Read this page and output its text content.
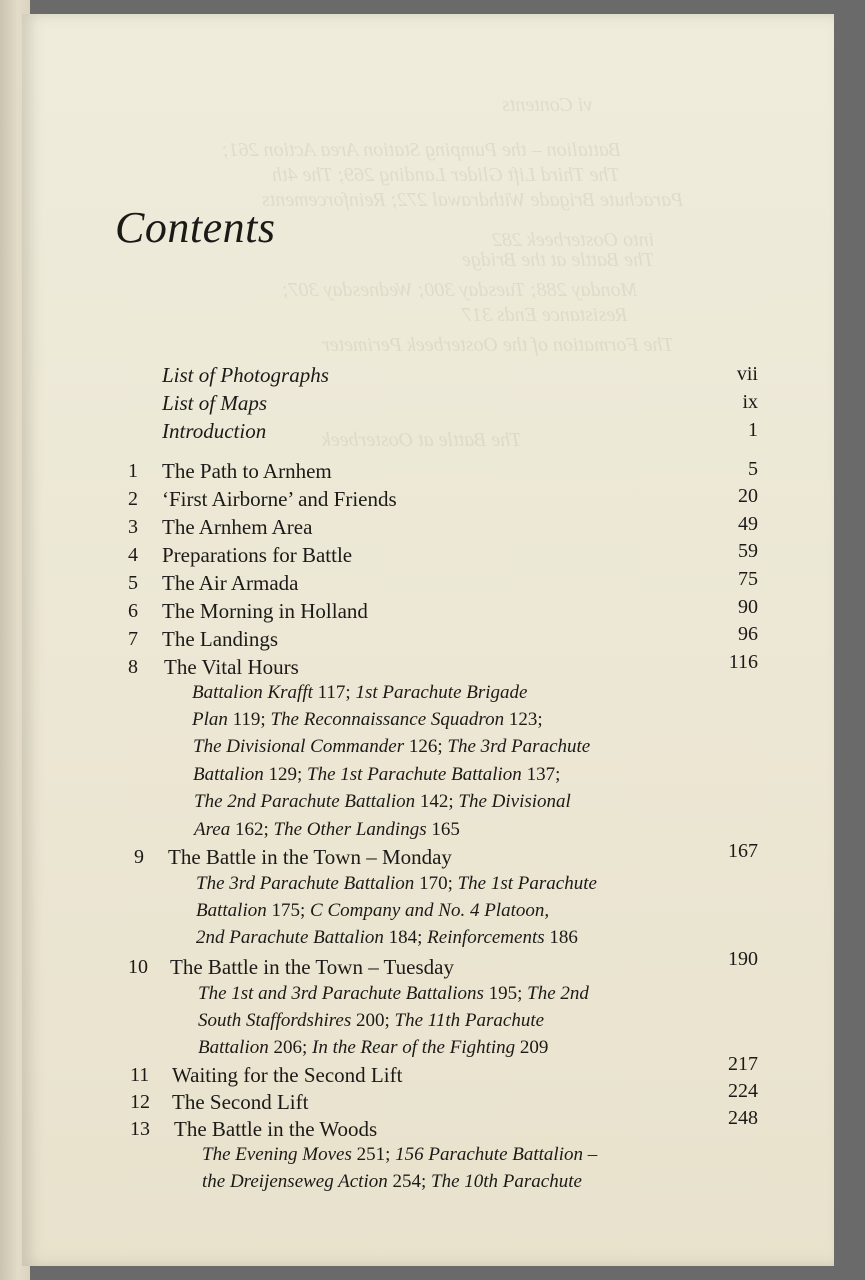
vi Contents
Battalion – the Pumping Station Area Action 261;
The Third Lift Glider Landing 269; The 4th
Parachute Brigade Withdrawal 272; Reinforcements
into Oosterbeek 282
The Battle at the Bridge
Monday 288; Tuesday 300; Wednesday 307;
Resistance Ends 317
The Formation of the Oosterbeek Perimeter
The Battle at Oosterbeek
Contents
List of Photographs	vii
List of Maps	ix
Introduction	1
1 The Path to Arnhem	5
2 ‘First Airborne’ and Friends	20
3 The Arnhem Area	49
4 Preparations for Battle	59
5 The Air Armada	75
6 The Morning in Holland	90
7 The Landings	96
8 The Vital Hours	116
Battalion Krafft 117; 1st Parachute Brigade
Plan 119; The Reconnaissance Squadron 123;
The Divisional Commander 126; The 3rd Parachute
Battalion 129; The 1st Parachute Battalion 137;
The 2nd Parachute Battalion 142; The Divisional
Area 162; The Other Landings 165
9 The Battle in the Town – Monday	167
The 3rd Parachute Battalion 170; The 1st Parachute
Battalion 175; C Company and No. 4 Platoon,
2nd Parachute Battalion 184; Reinforcements 186
10 The Battle in the Town – Tuesday	190
The 1st and 3rd Parachute Battalions 195; The 2nd
South Staffordshires 200; The 11th Parachute
Battalion 206; In the Rear of the Fighting 209
11 Waiting for the Second Lift	217
12 The Second Lift	224
13 The Battle in the Woods	248
The Evening Moves 251; 156 Parachute Battalion –
the Dreijenseweg Action 254; The 10th Parachute
